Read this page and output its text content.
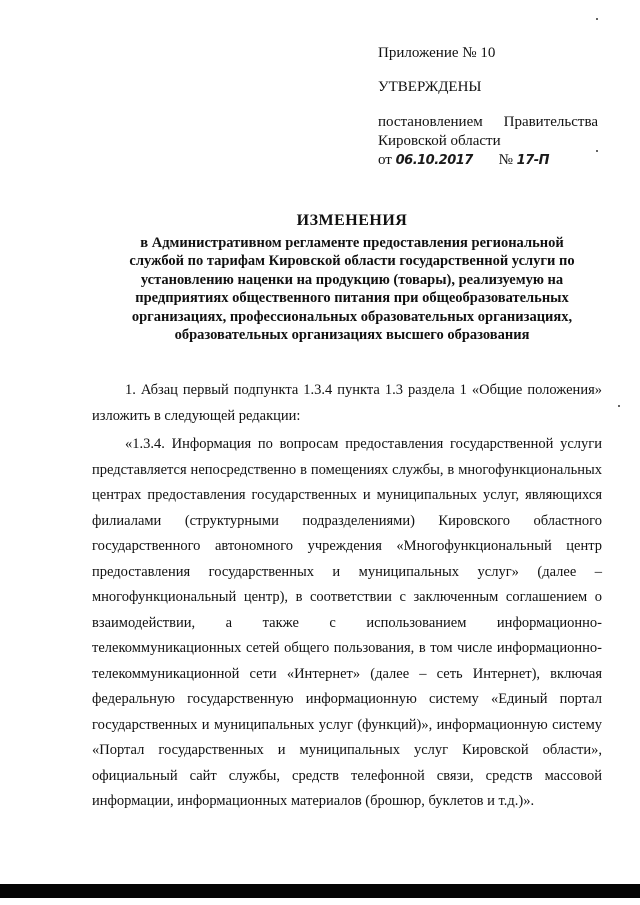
Приложение № 10

УТВЕРЖДЕНЫ

постановлением Правительства

Кировской области

от 06.10.2017 № 17-П

ИЗМЕНЕНИЯ

в Административном регламенте предоставления региональной
службой по тарифам Кировской области государственной услуги по
установлению наценки на продукцию (товары), реализуемую на
предприятиях общественного питания при общеобразовательных
организациях, профессиональных образовательных организациях,
образовательных организациях высшего образования

1. Абзац первый подпункта 1.3.4 пункта 1.3 раздела 1 «Общие положения» изложить в следующей редакции:

«1.3.4. Информация по вопросам предоставления государственной услуги представляется непосредственно в помещениях службы, в многофункциональных центрах предоставления государственных и муниципальных услуг, являющихся филиалами (структурными подразделениями) Кировского областного государственного автономного учреждения «Многофункциональный центр предоставления государственных и муниципальных услуг» (далее – многофункциональный центр), в соответствии с заключенным соглашением о взаимодействии, а также с использованием информационно-телекоммуникационных сетей общего пользования, в том числе информационно-телекоммуникационной сети «Интернет» (далее – сеть Интернет), включая федеральную государственную информационную систему «Единый портал государственных и муниципальных услуг (функций)», информационную систему «Портал государственных и муниципальных услуг Кировской области», официальный сайт службы, средств телефонной связи, средств массовой информации, информационных материалов (брошюр, буклетов и т.д.)».
